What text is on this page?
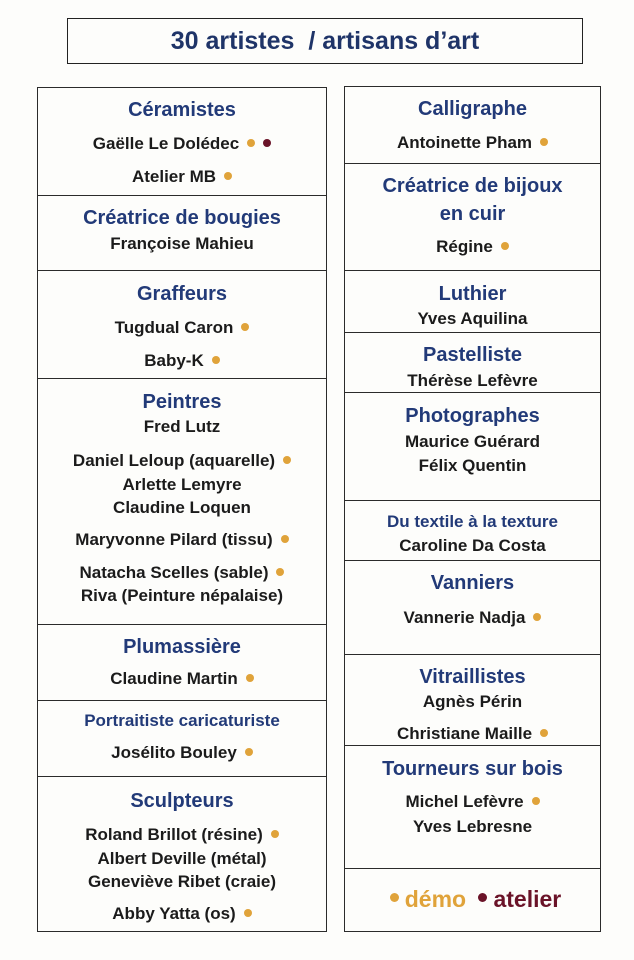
30 artistes  / artisans d’art
Céramistes
Gaëlle Le Dolédec
Atelier MB
Créatrice de bougies
Françoise Mahieu
Graffeurs
Tugdual Caron
Baby-K
Peintres
Fred Lutz
Daniel Leloup (aquarelle)
Arlette Lemyre
Claudine Loquen
Maryvonne Pilard (tissu)
Natacha Scelles (sable)
Riva (Peinture népalaise)
Plumassière
Claudine Martin
Portraitiste caricaturiste
Josélito Bouley
Sculpteurs
Roland Brillot (résine)
Albert Deville (métal)
Geneviève Ribet (craie)
Abby Yatta (os)
Calligraphe
Antoinette Pham
Créatrice de bijoux
en cuir
Régine
Luthier
Yves Aquilina
Pastelliste
Thérèse Lefèvre
Photographes
Maurice Guérard
Félix Quentin
Du textile à la texture
Caroline Da Costa
Vanniers
Vannerie Nadja
Vitraillistes
Agnès Périn
Christiane Maille
Tourneurs sur bois
Michel Lefèvre
Yves Lebresne
démo atelier
